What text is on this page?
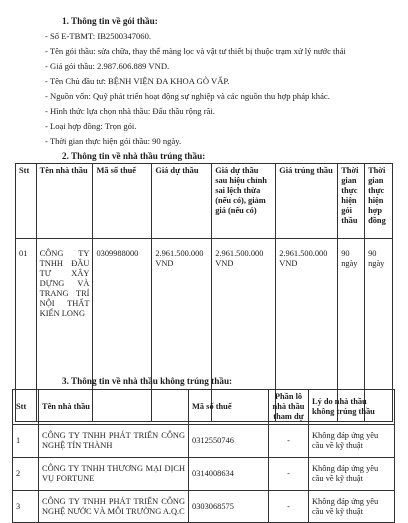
1. Thông tin về gói thầu:
- Số E-TBMT: IB2500347060.
- Tên gói thầu: sửa chữa, thay thế màng lọc và vật tư thiết bị thuộc trạm xử lý nước thải
- Giá gói thầu: 2.987.606.889 VND.
- Tên Chủ đầu tư: BỆNH VIỆN ĐA KHOA GÒ VẤP.
- Nguồn vốn: Quỹ phát triển hoạt động sự nghiệp và các nguồn thu hợp pháp khác.
- Hình thức lựa chọn nhà thầu: Đấu thầu rộng rãi.
- Loại hợp đồng: Trọn gói.
- Thời gian thực hiện gói thầu: 90 ngày.
2. Thông tin về nhà thầu trúng thầu:
Stt	Tên nhà thầu	Mã số thuế	Giá dự thầu	Giá dự thầu sau hiệu chỉnh sai lệch thừa (nếu có), giảm giá (nếu có)	Giá trúng thầu	Thời gian thực hiện gói thầu	Thời gian thực hiện hợp đồng
01	CÔNG TY TNHH ĐẦU TƯ XÂY DỰNG VÀ TRANG TRÍ NỘI THẤT KIẾN LONG	0309988000	2.961.500.000 VND	2.961.500.000 VND	2.961.500.000 VND	90 ngày	90 ngày
3. Thông tin về nhà thầu không trúng thầu:
Stt	Tên nhà thầu	Mã số thuế	Phần lô nhà thầu tham dự	Lý do nhà thầu không trúng thầu
1	CÔNG TY TNHH PHÁT TRIỂN CÔNG NGHỆ TÍN THÀNH	0312550746	-	Không đáp ứng yêu cầu về kỹ thuật
2	CÔNG TY TNHH THƯƠNG MẠI DỊCH VỤ FORTUNE	0314008634	-	Không đáp ứng yêu cầu về kỹ thuật
3	CÔNG TY TNHH PHÁT TRIỂN CÔNG NGHỆ NƯỚC VÀ MÔI TRƯỜNG A.Q.C	0303068575	-	Không đáp ứng yêu cầu về kỹ thuật
